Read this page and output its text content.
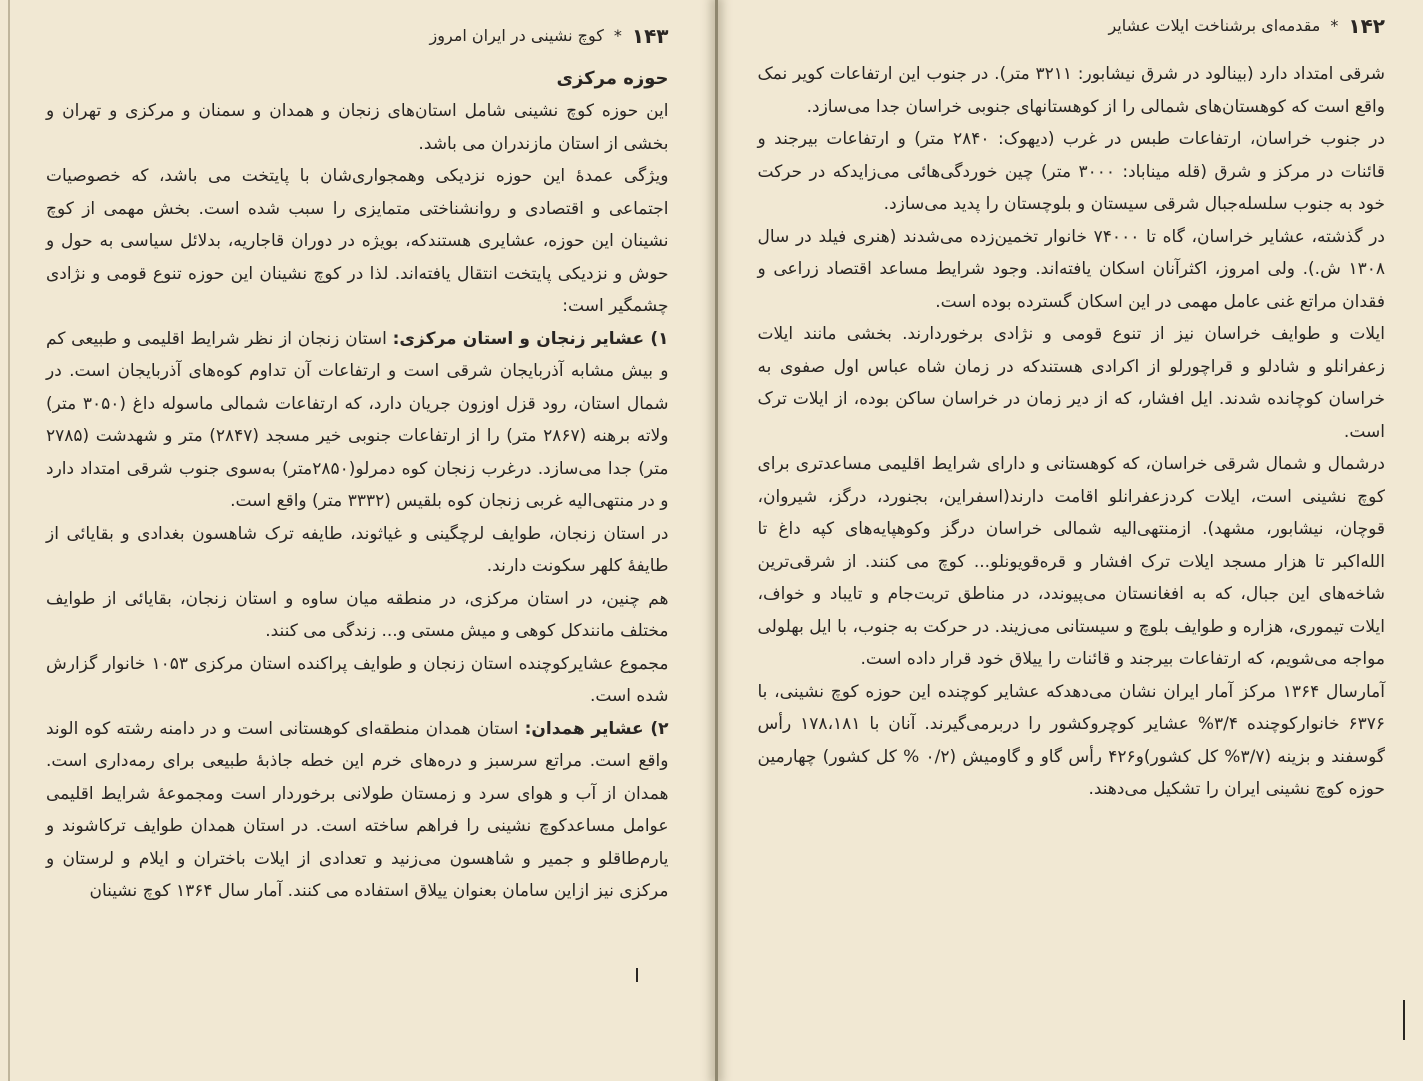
کوچ نشینی در ایران امروز * ۱۴۳
حوزه مرکزی

این حوزه کوچ نشینی شامل استان‌های زنجان و همدان و سمنان و مرکزی و تهران و بخشی از استان مازندران می باشد.

ویژگی عمدهٔ این حوزه نزدیکی وهمجواری‌شان با پایتخت می باشد، که خصوصیات اجتماعی و اقتصادی و روانشناختی متمایزی را سبب شده است. بخش مهمی از کوچ نشینان این حوزه، عشایری هستندکه، بویژه در دوران قاجاریه، بدلائل سیاسی به حول و حوش و نزدیکی پایتخت انتقال یافته‌اند. لذا در کوچ نشینان این حوزه تنوع قومی و نژادی چشمگیر است:

۱) عشایر زنجان و استان مرکزی: استان زنجان از نظر شرایط اقلیمی و طبیعی کم و بیش مشابه آذربایجان شرقی است و ارتفاعات آن تداوم کوه‌های آذربایجان است. در شمال استان، رود قزل اوزون جریان دارد، که ارتفاعات شمالی ماسوله داغ (۳۰۵۰ متر) ولاته برهنه (۲۸۶۷ متر) را از ارتفاعات جنوبی خیر مسجد (۲۸۴۷) متر و شهدشت (۲۷۸۵ متر) جدا می‌سازد. درغرب زنجان کوه دمرلو(۲۸۵۰متر) به‌سوی جنوب شرقی امتداد دارد و در منتهی‌الیه غربی زنجان کوه بلقیس (۳۳۳۲ متر) واقع است.

در استان زنجان، طوایف لرچگینی و غیاثوند، طایفه ترک شاهسون بغدادی و بقایائی از طایفهٔ کلهر سکونت دارند.

هم چنین، در استان مرکزی، در منطقه میان ساوه و استان زنجان، بقایائی از طوایف مختلف مانندکل کوهی و میش مستی و... زندگی می کنند.

مجموع عشایرکوچنده استان زنجان و طوایف پراکنده استان مرکزی ۱۰۵۳ خانوار گزارش شده است.

۲) عشایر همدان: استان همدان منطقه‌ای کوهستانی است و در دامنه رشته کوه الوند واقع است. مراتع سرسبز و دره‌های خرم این خطه جاذبهٔ طبیعی برای رمه‌داری است. همدان از آب و هوای سرد و زمستان طولانی برخوردار است ومجموعهٔ شرایط اقلیمی عوامل مساعدکوچ نشینی را فراهم ساخته است. در استان همدان طوایف ترکاشوند و یارم‌طاقلو و جمیر و شاهسون می‌زنید و تعدادی از ایلات باختران و ایلام و لرستان و مرکزی نیز ازاین سامان بعنوان ییلاق استفاده می کنند. آمار سال ۱۳۶۴ کوچ نشینان

۱۴۲
*
مقدمه‌ای برشناخت ایلات عشایر

شرقی امتداد دارد (بینالود در شرق نیشابور: ۳۲۱۱ متر). در جنوب این ارتفاعات کویر نمک واقع است که کوهستان‌های شمالی را از کوهستانهای جنوبی خراسان جدا می‌سازد.

در جنوب خراسان، ارتفاعات طبس در غرب (دیهوک: ۲۸۴۰ متر) و ارتفاعات بیرجند و قائنات در مرکز و شرق (قله میناباد: ۳۰۰۰ متر) چین خوردگی‌هائی می‌زایدکه در حرکت خود به جنوب سلسله‌جبال شرقی سیستان و بلوچستان را پدید می‌سازد.

در گذشته، عشایر خراسان، گاه تا ۷۴۰۰۰ خانوار تخمین‌زده می‌شدند (هنری فیلد در سال ۱۳۰۸ ش.). ولی امروز، اکثرآنان اسکان یافته‌اند. وجود شرایط مساعد اقتصاد زراعی و فقدان مراتع غنی عامل مهمی در این اسکان گسترده بوده است.

ایلات و طوایف خراسان نیز از تنوع قومی و نژادی برخوردارند. بخشی مانند ایلات زعفرانلو و شادلو و قراچورلو از اکرادی هستندکه در زمان شاه عباس اول صفوی به خراسان کوچانده شدند. ایل افشار، که از دیر زمان در خراسان ساکن بوده، از ایلات ترک است.

درشمال و شمال شرقی خراسان، که کوهستانی و دارای شرایط اقلیمی مساعدتری برای کوچ نشینی است، ایلات کردزعفرانلو اقامت دارند(اسفراین، بجنورد، درگز، شیروان، قوچان، نیشابور، مشهد). ازمنتهی‌الیه شمالی خراسان درگز وکوهپایه‌های کپه داغ تا الله‌اکبر تا هزار مسجد ایلات ترک افشار و قره‌قویونلو... کوچ می کنند. از شرقی‌ترین شاخه‌های این جبال، که به افغانستان می‌پیوندد، در مناطق تربت‌جام و تایباد و خواف، ایلات تیموری، هزاره و طوایف بلوچ و سیستانی می‌زیند. در حرکت به جنوب، با ایل بهلولی مواجه می‌شویم، که ارتفاعات بیرجند و قائنات را ییلاق خود قرار داده است.

آمارسال ۱۳۶۴ مرکز آمار ایران نشان می‌دهدکه عشایر کوچنده این حوزه کوچ نشینی، با ۶۳۷۶ خانوارکوچنده ۳/۴% عشایر کوچروکشور را دربرمی‌گیرند. آنان با ۱۷۸،۱۸۱ رأس گوسفند و بزینه (۳/۷% کل کشور)و۴۲۶ رأس گاو و گاومیش (۰/۲ % کل کشور) چهارمین حوزه کوچ نشینی ایران را تشکیل می‌دهند.
